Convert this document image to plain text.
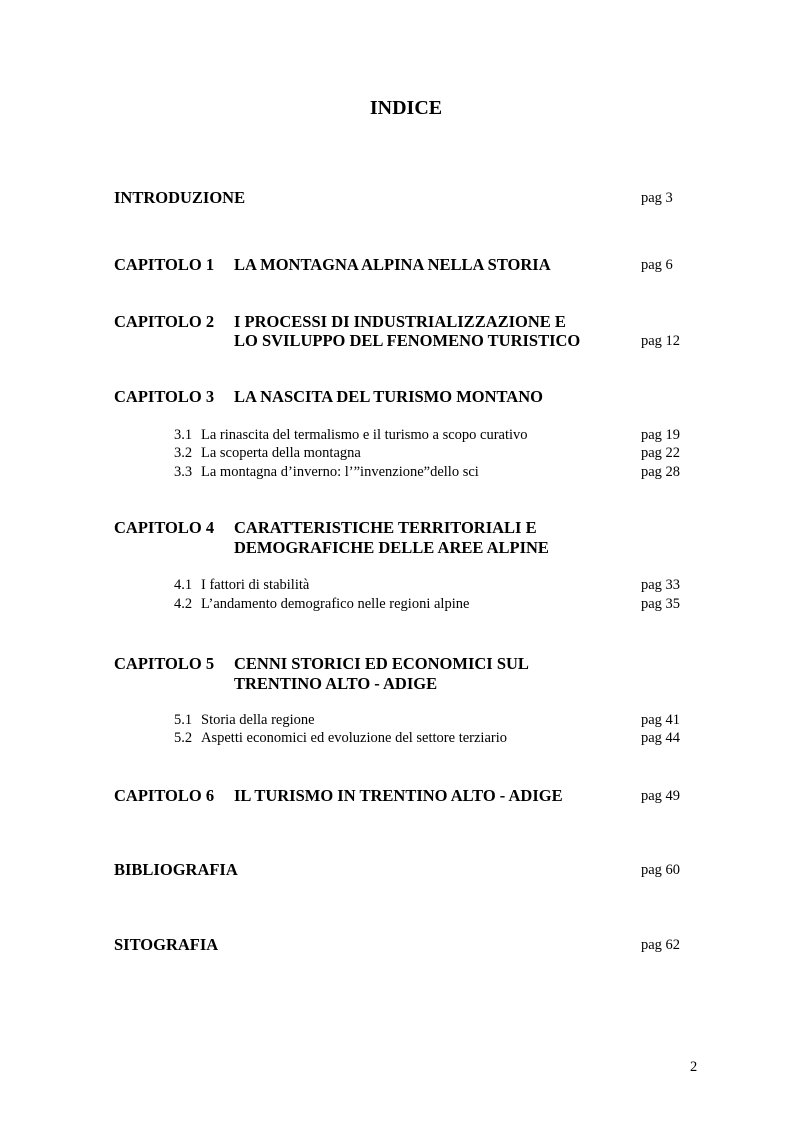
INDICE
INTRODUZIONE	pag 3
CAPITOLO 1 LA MONTAGNA ALPINA NELLA STORIA	pag 6
CAPITOLO 2 I PROCESSI DI INDUSTRIALIZZAZIONE E
LO SVILUPPO DEL FENOMENO TURISTICO	pag 12
CAPITOLO 3 LA NASCITA DEL TURISMO MONTANO
3.1 La rinascita del termalismo e il turismo a scopo curativo	pag 19
3.2 La scoperta della montagna	pag 22
3.3 La montagna d’inverno: l’”invenzione”dello sci	pag 28
CAPITOLO 4 CARATTERISTICHE TERRITORIALI E
DEMOGRAFICHE DELLE AREE ALPINE
4.1 I fattori di stabilità	pag 33
4.2 L’andamento demografico nelle regioni alpine	pag 35
CAPITOLO 5 CENNI STORICI ED ECONOMICI SUL
TRENTINO ALTO - ADIGE
5.1 Storia della regione	pag 41
5.2 Aspetti economici ed evoluzione del settore terziario	pag 44
CAPITOLO 6 IL TURISMO IN TRENTINO ALTO - ADIGE	pag 49
BIBLIOGRAFIA	pag 60
SITOGRAFIA	pag 62
2
